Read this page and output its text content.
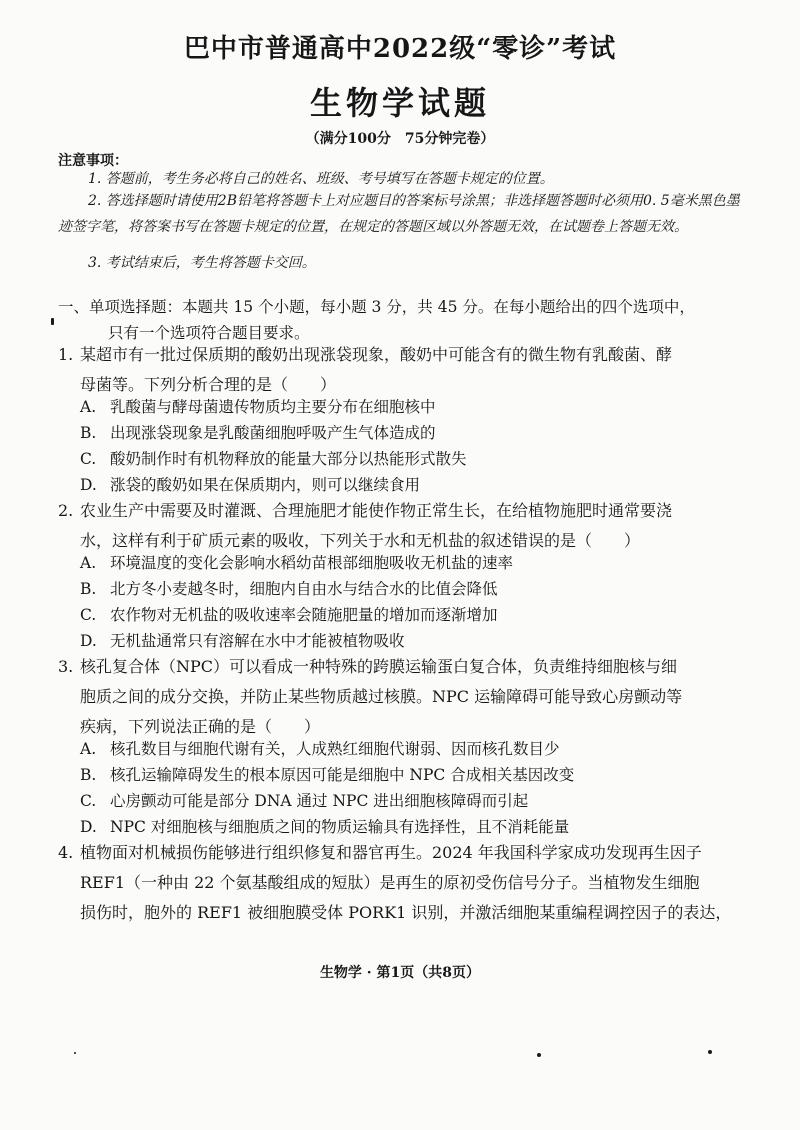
巴中市普通高中2022级“零诊”考试
生物学试题
（满分100分　75分钟完卷）
注意事项：
1. 答题前，考生务必将自己的姓名、班级、考号填写在答题卡规定的位置。
2. 答选择题时请使用2B铅笔将答题卡上对应题目的答案标号涂黑；非选择题答题时必须用0. 5毫米黑色墨迹签字笔，将答案书写在答题卡规定的位置，在规定的答题区域以外答题无效，在试题卷上答题无效。
3. 考试结束后，考生将答题卡交回。
一、单项选择题：本题共 15 个小题，每小题 3 分，共 45 分。在每小题给出的四个选项中，
只有一个选项符合题目要求。
1. 某超市有一批过保质期的酸奶出现涨袋现象，酸奶中可能含有的微生物有乳酸菌、酵
母菌等。下列分析合理的是（　　）
A. 乳酸菌与酵母菌遗传物质均主要分布在细胞核中
B. 出现涨袋现象是乳酸菌细胞呼吸产生气体造成的
C. 酸奶制作时有机物释放的能量大部分以热能形式散失
D. 涨袋的酸奶如果在保质期内，则可以继续食用
2. 农业生产中需要及时灌溉、合理施肥才能使作物正常生长，在给植物施肥时通常要浇
水，这样有利于矿质元素的吸收，下列关于水和无机盐的叙述错误的是（　　）
A. 环境温度的变化会影响水稻幼苗根部细胞吸收无机盐的速率
B. 北方冬小麦越冬时，细胞内自由水与结合水的比值会降低
C. 农作物对无机盐的吸收速率会随施肥量的增加而逐渐增加
D. 无机盐通常只有溶解在水中才能被植物吸收
3. 核孔复合体（NPC）可以看成一种特殊的跨膜运输蛋白复合体，负责维持细胞核与细
胞质之间的成分交换，并防止某些物质越过核膜。NPC 运输障碍可能导致心房颤动等
疾病，下列说法正确的是（　　）
A. 核孔数目与细胞代谢有关，人成熟红细胞代谢弱、因而核孔数目少
B. 核孔运输障碍发生的根本原因可能是细胞中 NPC 合成相关基因改变
C. 心房颤动可能是部分 DNA 通过 NPC 进出细胞核障碍而引起
D. NPC 对细胞核与细胞质之间的物质运输具有选择性，且不消耗能量
4. 植物面对机械损伤能够进行组织修复和器官再生。2024 年我国科学家成功发现再生因子
REF1（一种由 22 个氨基酸组成的短肽）是再生的原初受伤信号分子。当植物发生细胞
损伤时，胞外的 REF1 被细胞膜受体 PORK1 识别，并激活细胞某重编程调控因子的表达，
生物学 · 第1页（共8页）
